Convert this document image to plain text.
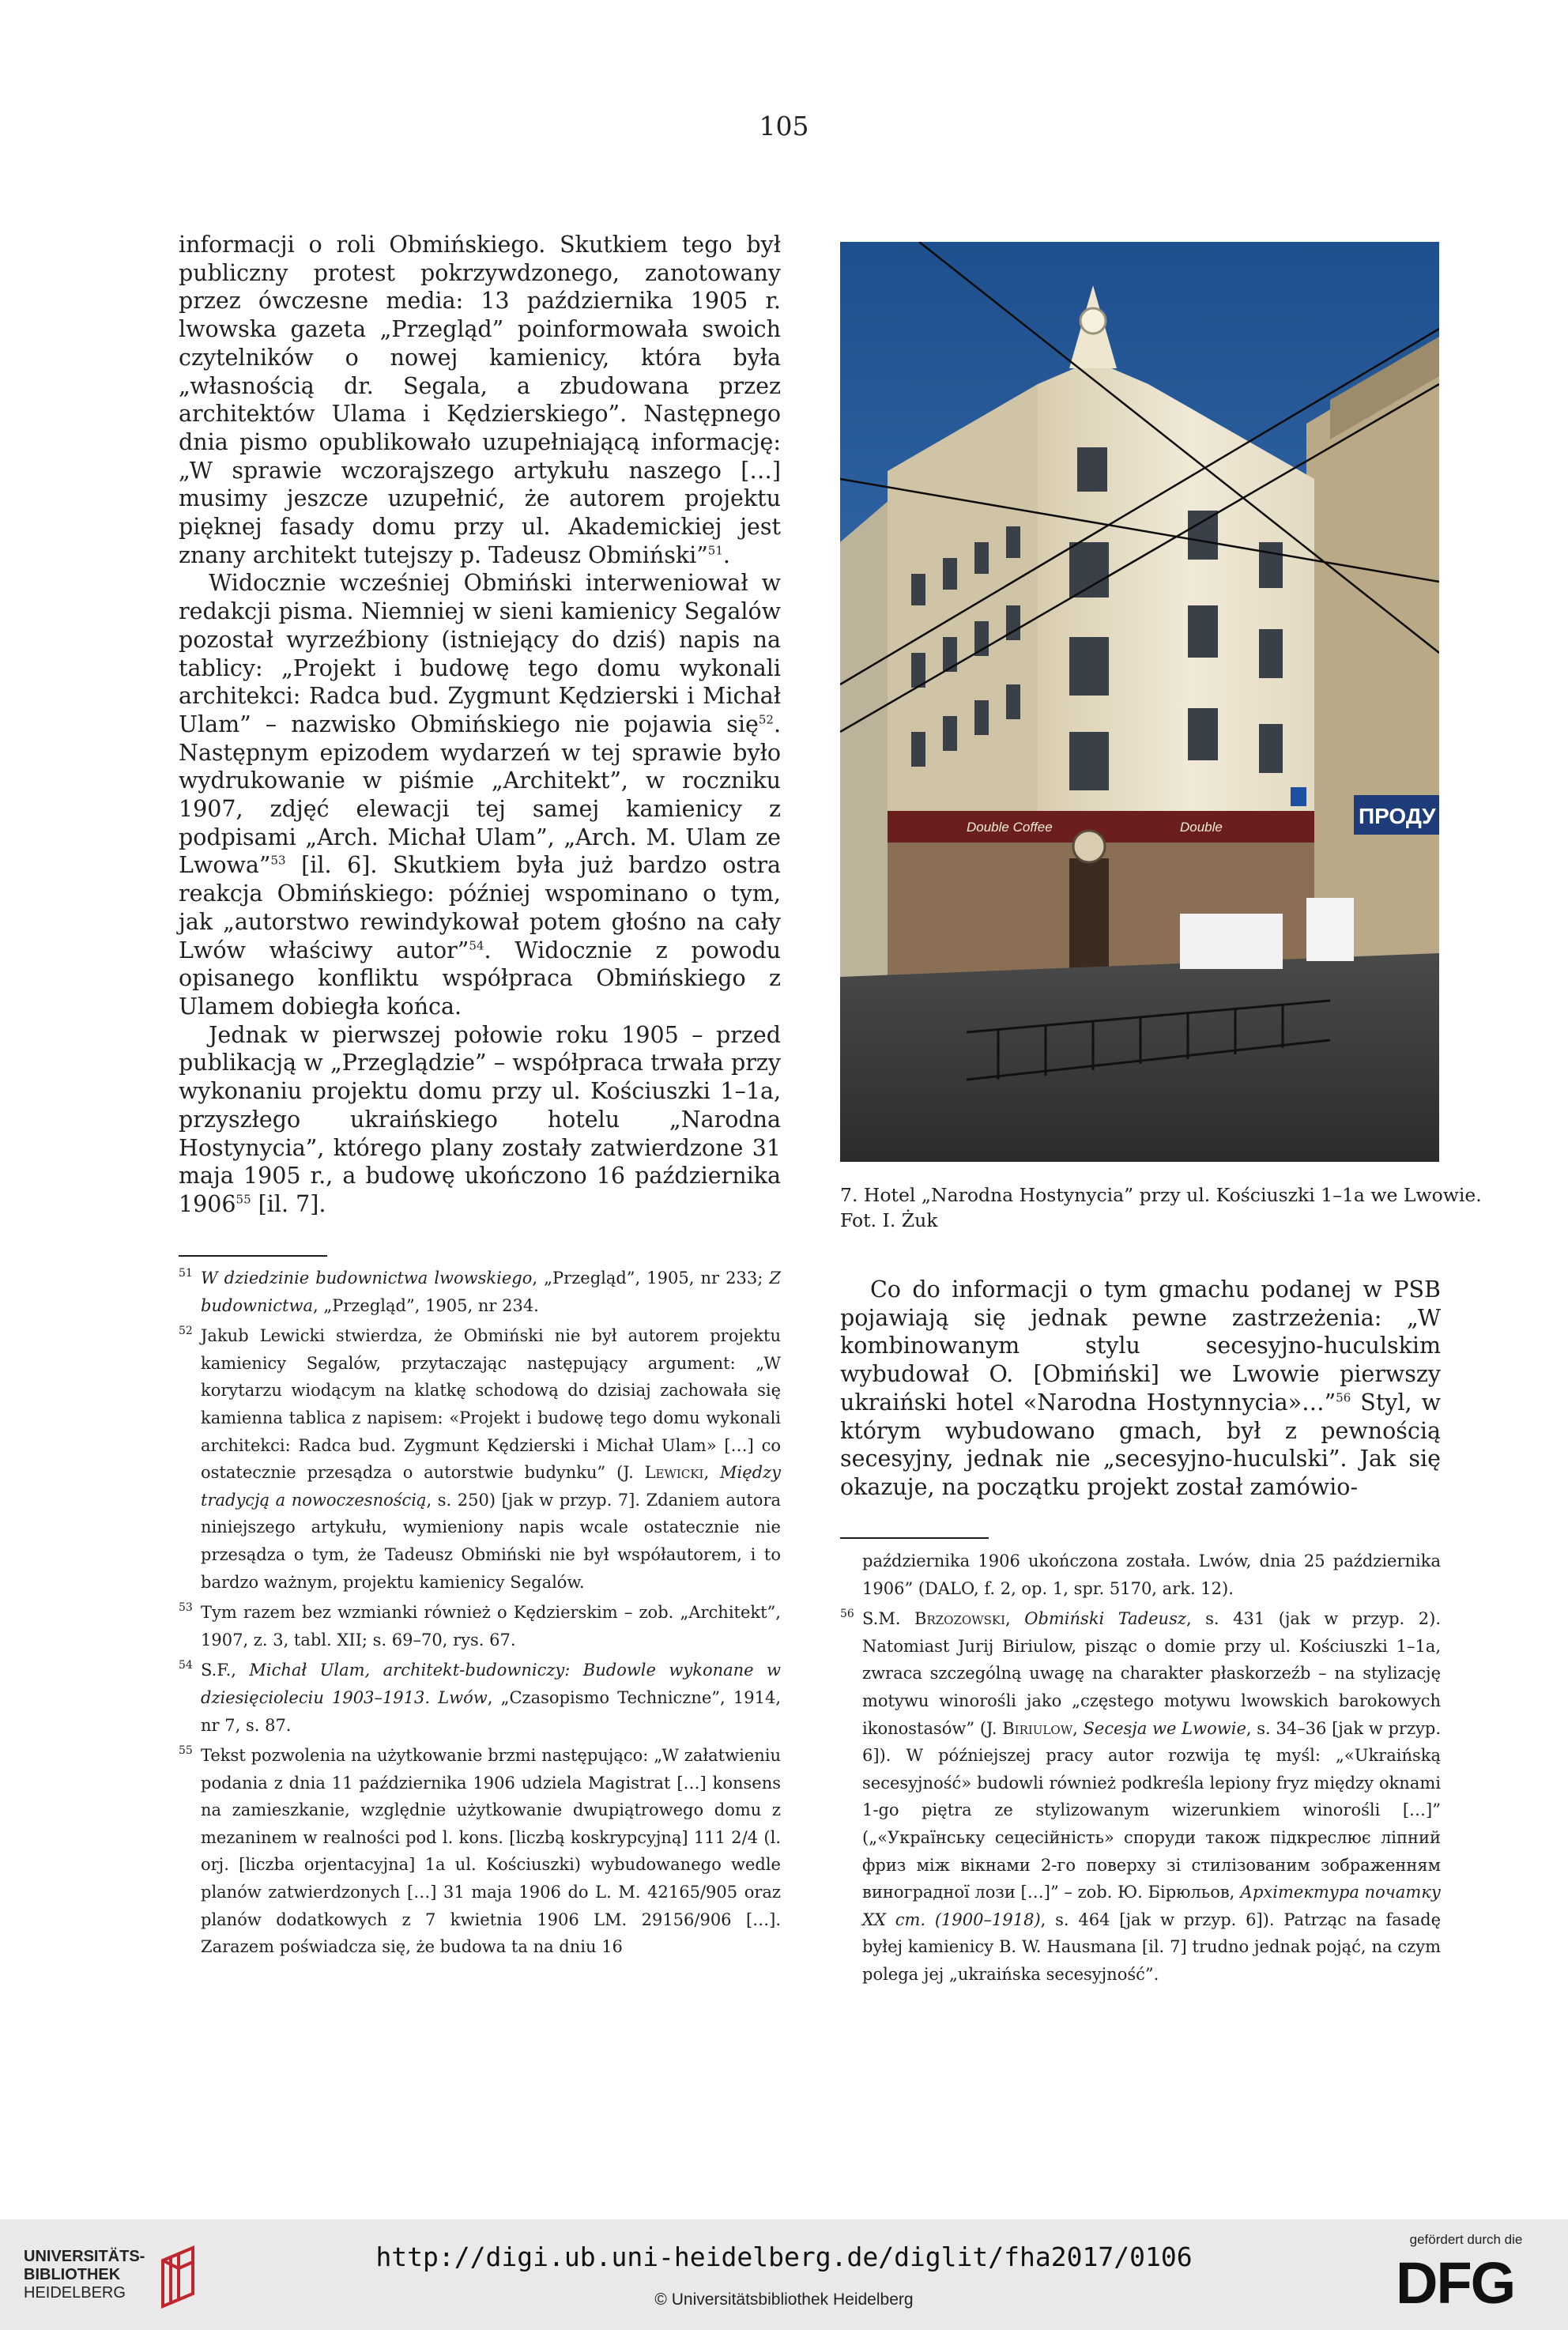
105

informacji o roli Obmińskiego. Skutkiem tego był publiczny protest pokrzywdzonego, zanotowany przez ówczesne media: 13 października 1905 r. lwowska gazeta „Przegląd” poinformowała swoich czytelników o nowej kamienicy, która była „własnością dr. Segala, a zbudowana przez architektów Ulama i Kędzierskiego”. Następnego dnia pismo opublikowało uzupełniającą informację: „W sprawie wczorajszego artykułu naszego […] musimy jeszcze uzupełnić, że autorem projektu pięknej fasady domu przy ul. Akademickiej jest znany architekt tutejszy p. Tadeusz Obmiński”$^{51}$.

Widocznie wcześniej Obmiński interweniował w redakcji pisma. Niemniej w sieni kamienicy Segalów pozostał wyrzeźbiony (istniejący do dziś) napis na tablicy: „Projekt i budowę tego domu wykonali architekci: Radca bud. Zygmunt Kędzierski i Michał Ulam” – nazwisko Obmińskiego nie pojawia się$^{52}$. Następnym epizodem wydarzeń w tej sprawie było wydrukowanie w piśmie „Architekt”, w roczniku 1907, zdjęć elewacji tej samej kamienicy z podpisami „Arch. Michał Ulam”, „Arch. M. Ulam ze Lwowa”$^{53}$ [il. 6]. Skutkiem była już bardzo ostra reakcja Obmińskiego: później wspominano o tym, jak „autorstwo rewindykował potem głośno na cały Lwów właściwy autor”$^{54}$. Widocznie z powodu opisanego konfliktu współpraca Obmińskiego z Ulamem dobiegła końca.

Jednak w pierwszej połowie roku 1905 – przed publikacją w „Przeglądzie” – współpraca trwała przy wykonaniu projektu domu przy ul. Kościuszki 1–1a, przyszłego ukraińskiego hotelu „Narodna Hostynycia”, którego plany zostały zatwierdzone 31 maja 1905 r., a budowę ukończono 16 października 1906$^{55}$ [il. 7].

Double Coffee	Double	ПРОДУ
7. Hotel „Narodna Hostynycia” przy ul. Kościuszki 1–1a we Lwowie.
Fot. I. Żuk
51 W dziedzinie budownictwa lwowskiego, „Przegląd”, 1905, nr 233; Z budownictwa, „Przegląd”, 1905, nr 234.
52 Jakub Lewicki stwierdza, że Obmiński nie był autorem projektu kamienicy Segalów, przytaczając następujący argument: „W korytarzu wiodącym na klatkę schodową do dzisiaj zachowała się kamienna tablica z napisem: «Projekt i budowę tego domu wykonali architekci: Radca bud. Zygmunt Kędzierski i Michał Ulam» […] co ostatecznie przesądza o autorstwie budynku” (J. Lewicki, Między tradycją a nowoczesnością, s. 250) [jak w przyp. 7]. Zdaniem autora niniejszego artykułu, wymieniony napis wcale ostatecznie nie przesądza o tym, że Tadeusz Obmiński nie był współautorem, i to bardzo ważnym, projektu kamienicy Segalów.
53 Tym razem bez wzmianki również o Kędzierskim – zob. „Architekt”, 1907, z. 3, tabl. XII; s. 69–70, rys. 67.
54 S.F., Michał Ulam, architekt-budowniczy: Budowle wykonane w dziesięcioleciu 1903–1913. Lwów, „Czasopismo Techniczne”, 1914, nr 7, s. 87.
55 Tekst pozwolenia na użytkowanie brzmi następująco: „W załatwieniu podania z dnia 11 października 1906 udziela Magistrat […] konsens na zamieszkanie, względnie użytkowanie dwupiątrowego domu z mezaninem w realności pod l. kons. [liczbą koskrypcyjną] 111 2/4 (l. orj. [liczba orjentacyjna] 1a ul. Kościuszki) wybudowanego wedle planów zatwierdzonych […] 31 maja 1906 do L. M. 42165/905 oraz planów dodatkowych z 7 kwietnia 1906 LM. 29156/906 […]. Zarazem poświadcza się, że budowa ta na dniu 16

Co do informacji o tym gmachu podanej w PSB pojawiają się jednak pewne zastrzeżenia: „W kombinowanym stylu secesyjno-huculskim wybudował O. [Obmiński] we Lwowie pierwszy ukraiński hotel «Narodna Hostynnycia»…”$^{56}$ Styl, w którym wybudowano gmach, był z pewnością secesyjny, jednak nie „secesyjno-huculski”. Jak się okazuje, na początku projekt został zamówio-

października 1906 ukończona została. Lwów, dnia 25 października 1906” (DALO, f. 2, op. 1, spr. 5170, ark. 12).
56 S.M. Brzozowski, Obmiński Tadeusz, s. 431 (jak w przyp. 2). Natomiast Jurij Biriulow, pisząc o domie przy ul. Kościuszki 1–1a, zwraca szczególną uwagę na charakter płaskorzeźb – na stylizację motywu winorośli jako „częstego motywu lwowskich barokowych ikonostasów” (J. Biriulow, Secesja we Lwowie, s. 34–36 [jak w przyp. 6]). W późniejszej pracy autor rozwija tę myśl: „«Ukraińską secesyjność» budowli również podkreśla lepiony fryz między oknami 1-go piętra ze stylizowanym wizerunkiem winorośli […]” („«Українську сецесійність» споруди також підкреслює ліпний фриз між вікнами 2-го поверху зі стилізованим зображенням виноградної лози […]” – zob. Ю. Бірюльов, Архітектура початку XX ст. (1900–1918), s. 464 [jak w przyp. 6]). Patrząc na fasadę byłej kamienicy B. W. Hausmana [il. 7] trudno jednak pojąć, na czym polega jej „ukraińska secesyjność”.
UNIVERSITÄTS-
BIBLIOTHEK
HEIDELBERG
http://digi.ub.uni-heidelberg.de/diglit/fha2017/0106
© Universitätsbibliothek Heidelberg
gefördert durch die
DFG
